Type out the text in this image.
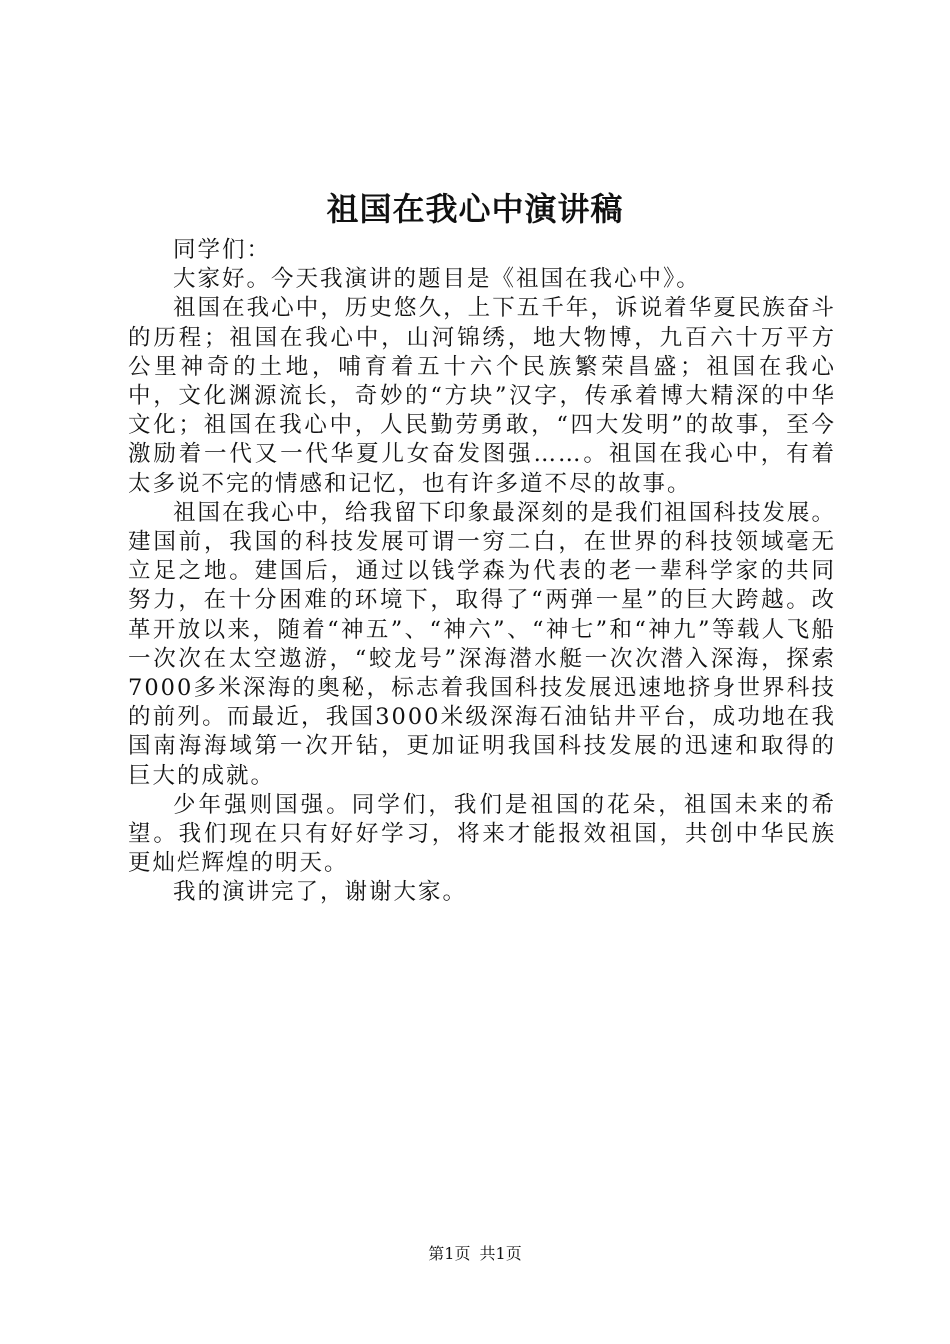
祖国在我心中演讲稿

同学们：

大家好。今天我演讲的题目是《祖国在我心中》。

祖国在我心中，历史悠久，上下五千年，诉说着华夏民族奋斗的历程；祖国在我心中，山河锦绣，地大物博，九百六十万平方公里神奇的土地，哺育着五十六个民族繁荣昌盛；祖国在我心中，文化渊源流长，奇妙的“方块”汉字，传承着博大精深的中华文化；祖国在我心中，人民勤劳勇敢，“四大发明”的故事，至今激励着一代又一代华夏儿女奋发图强……。祖国在我心中，有着太多说不完的情感和记忆，也有许多道不尽的故事。

祖国在我心中，给我留下印象最深刻的是我们祖国科技发展。建国前，我国的科技发展可谓一穷二白，在世界的科技领域毫无立足之地。建国后，通过以钱学森为代表的老一辈科学家的共同努力，在十分困难的环境下，取得了“两弹一星”的巨大跨越。改革开放以来，随着“神五”、“神六”、“神七”和“神九”等载人飞船一次次在太空遨游，“蛟龙号”深海潜水艇一次次潜入深海，探索7000多米深海的奥秘，标志着我国科技发展迅速地挤身世界科技的前列。而最近，我国3000米级深海石油钻井平台，成功地在我国南海海域第一次开钻，更加证明我国科技发展的迅速和取得的巨大的成就。

少年强则国强。同学们，我们是祖国的花朵，祖国未来的希望。我们现在只有好好学习，将来才能报效祖国，共创中华民族更灿烂辉煌的明天。

我的演讲完了，谢谢大家。

第1页 共1页
